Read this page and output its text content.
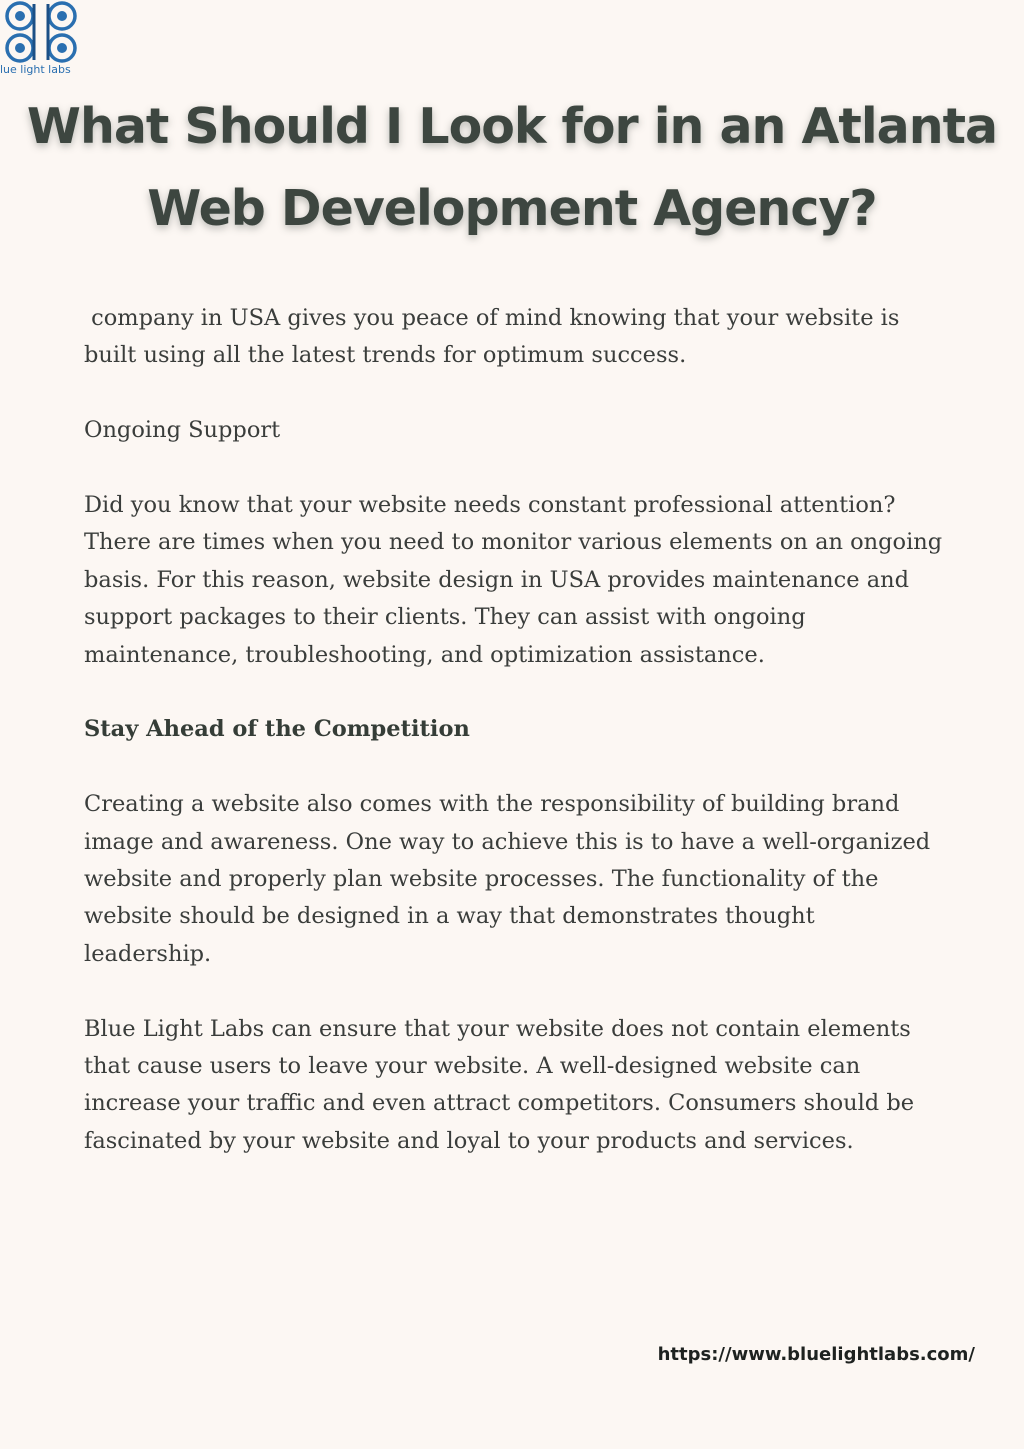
lue light labs
What Should I Look for in an Atlanta
Web Development Agency?

company in USA gives you peace of mind knowing that your website is built using all the latest trends for optimum success.

Ongoing Support

Did you know that your website needs constant professional attention? There are times when you need to monitor various elements on an ongoing basis. For this reason, website design in USA provides maintenance and support packages to their clients. They can assist with ongoing maintenance, troubleshooting, and optimization assistance.

Stay Ahead of the Competition

Creating a website also comes with the responsibility of building brand image and awareness. One way to achieve this is to have a well-organized website and properly plan website processes. The functionality of the website should be designed in a way that demonstrates thought leadership.

Blue Light Labs can ensure that your website does not contain elements that cause users to leave your website. A well-designed website can increase your traffic and even attract competitors. Consumers should be fascinated by your website and loyal to your products and services.

https://www.bluelightlabs.com/
